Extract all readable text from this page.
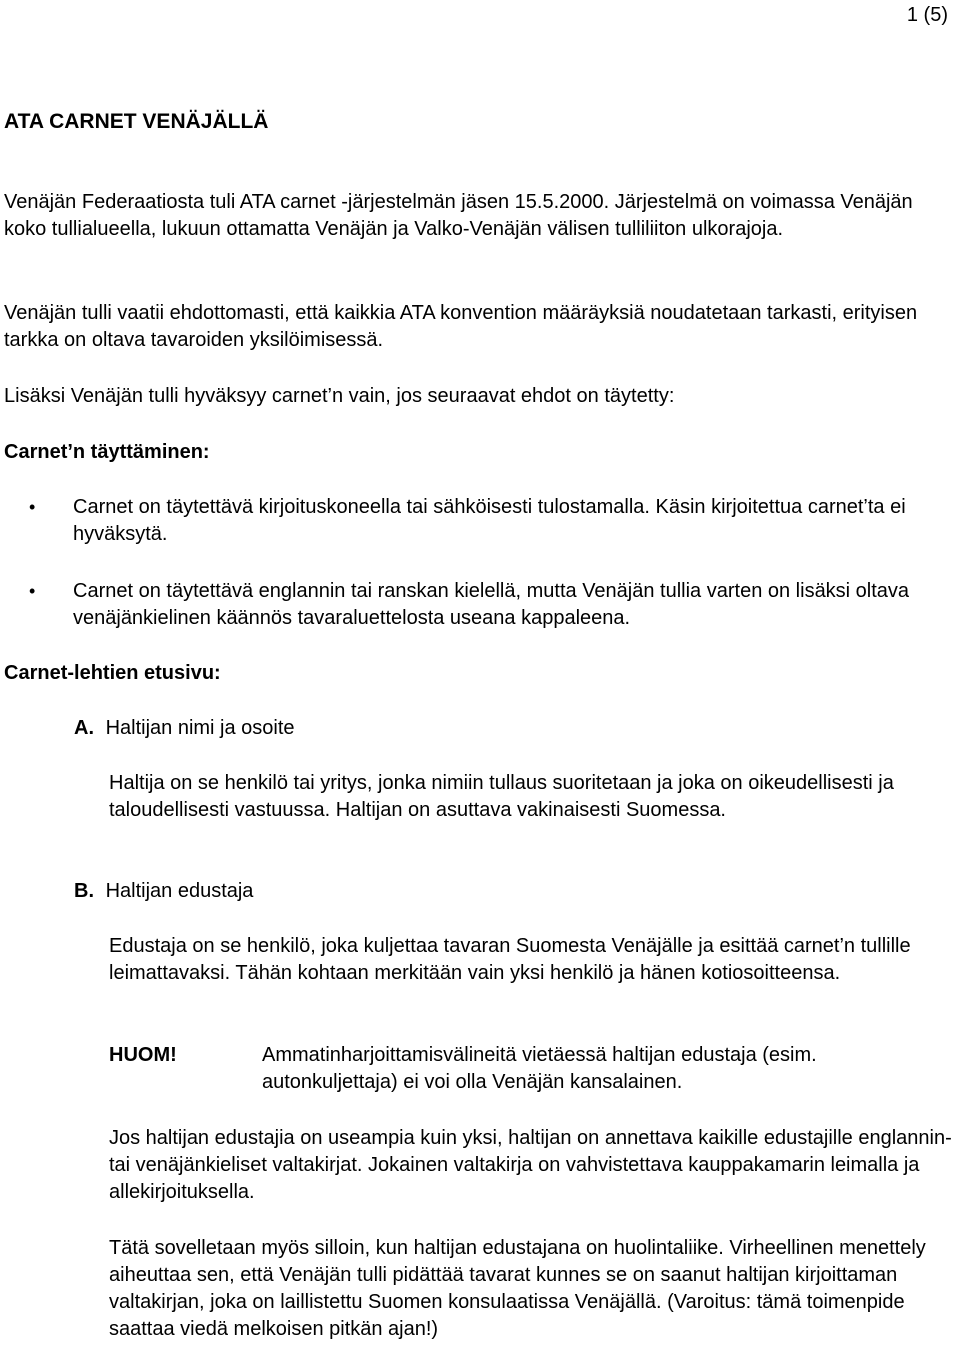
1 (5)
ATA CARNET VENÄJÄLLÄ

Venäjän Federaatiosta tuli ATA carnet -järjestelmän jäsen 15.5.2000. Järjestelmä on voimassa Venäjän koko tullialueella, lukuun ottamatta Venäjän ja Valko-Venäjän välisen tulliliiton ulkorajoja.

Venäjän tulli vaatii ehdottomasti, että kaikkia ATA konvention määräyksiä noudatetaan tarkasti, erityisen tarkka on oltava tavaroiden yksilöimisessä.

Lisäksi Venäjän tulli hyväksyy carnet’n vain, jos seuraavat ehdot on täytetty:

Carnet’n täyttäminen:

• Carnet on täytettävä kirjoituskoneella tai sähköisesti tulostamalla. Käsin kirjoitettua carnet’ta ei hyväksytä.
• Carnet on täytettävä englannin tai ranskan kielellä, mutta Venäjän tullia varten on lisäksi oltava venäjänkielinen käännös tavaraluettelosta useana kappaleena.

Carnet-lehtien etusivu:

A. Haltijan nimi ja osoite

Haltija on se henkilö tai yritys, jonka nimiin tullaus suoritetaan ja joka on oikeudellisesti ja taloudellisesti vastuussa. Haltijan on asuttava vakinaisesti Suomessa.

B. Haltijan edustaja

Edustaja on se henkilö, joka kuljettaa tavaran Suomesta Venäjälle ja esittää carnet’n tullille leimattavaksi. Tähän kohtaan merkitään vain yksi henkilö ja hänen kotiosoitteensa.

HUOM!	Ammatinharjoittamisvälineitä vietäessä haltijan edustaja (esim. autonkuljettaja) ei voi olla Venäjän kansalainen.

Jos haltijan edustajia on useampia kuin yksi, haltijan on annettava kaikille edustajille englannin- tai venäjänkieliset valtakirjat. Jokainen valtakirja on vahvistettava kauppakamarin leimalla ja allekirjoituksella.

Tätä sovelletaan myös silloin, kun haltijan edustajana on huolintaliike. Virheellinen menettely aiheuttaa sen, että Venäjän tulli pidättää tavarat kunnes se on saanut haltijan kirjoittaman valtakirjan, joka on laillistettu Suomen konsulaatissa Venäjällä. (Varoitus: tämä toimenpide saattaa viedä melkoisen pitkän ajan!)
